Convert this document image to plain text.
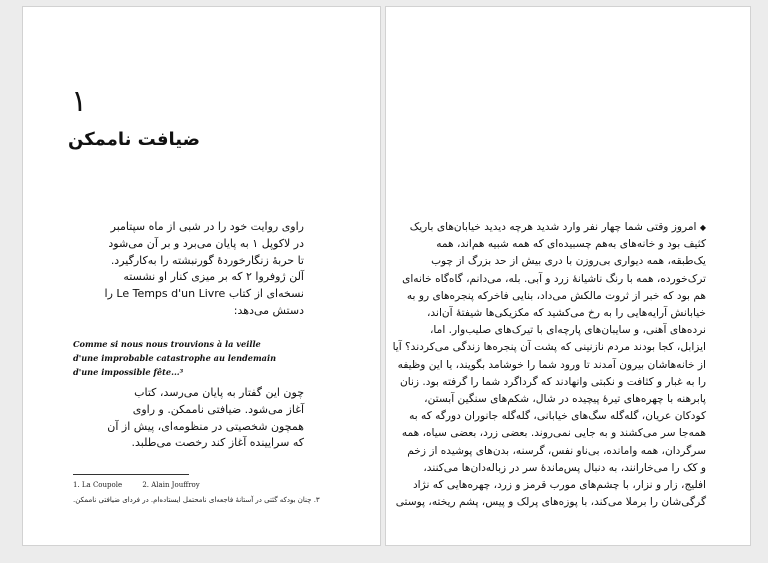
۱
ضیافت ناممکن
راوی روایت خود را در شبی از ماه سپتامبر
در لاکوپل ۱ به پایان می‌برد و بر آن می‌شود
تا حربهٔ زنگارخوردهٔ گورنبشته را به‌کارگیرد.
آلن ژوفروا ۲ که بر میزی کنار او نشسته
نسخه‌ای از کتاب Le Temps d'un Livre را
دستش می‌دهد:
Comme si nous nous trouvions à la veille
d'une improbable catastrophe au lendemain
d'une impossible fête...³
چون این گفتار به پایان می‌رسد، کتاب
آغاز می‌شود. ضیافتی ناممکن. و راوی
همچون شخصیتی در منظومه‌ای، پیش از آن
که سرایینده آغاز کند رخصت می‌طلبد.
1. La Coupole	2. Alain Jouffroy
۳. چنان بودکه گئتی در آستانهٔ فاجعه‌ای نامحتمل ایستاده‌ام. در فردای ضیافتی ناممکن.
◆ امروز وقتی شما چهار نفر وارد شدید هرچه دیدید خیابان‌های باریک
کثیف بود و خانه‌های به‌هم چسبیده‌ای که همه شبیه هم‌اند، همه
یک‌طبقه، همه دیواری بی‌روزن با دری بیش از حد بزرگ از چوب
ترک‌خورده، همه با رنگ ناشیانهٔ زرد و آبی. بله، می‌دانم، گاه‌گاه خانه‌ای
هم بود که خبر از ثروت مالکش می‌داد، بنایی فاخرکه پنجره‌های رو به
خیابانش آرایه‌هایی را به رخ می‌کشید که مکزیکی‌ها شیفته‌ٔ آن‌اند،
نرده‌های آهنی، و سایبان‌های پارچه‌ای با تیرک‌های صلیب‌وار. اما،
ایزابل، کجا بودند مردم نازنینی که پشت آن پنجره‌ها زندگی می‌کردند؟ آیا
از خانه‌هاشان بیرون آمدند تا ورود شما را خوشامد بگویند، یا این وظیفه
را به غبار و کثافت و نکبتی وانهادند که گرداگرد شما را گرفته بود. زنان
پابرهنه با چهره‌های تیرهٔ پیچیده در شال، شکم‌های سنگین آبستن،
کودکان عریان، گله‌گله سگ‌های خیابانی، گله‌گله جانوران دورگه که به
همه‌جا سر می‌کشند و به جایی نمی‌روند. بعضی زرد، بعضی سیاه، همه
سرگردان، همه وامانده، بی‌ناو نفس، گرسنه، بدن‌های پوشیده از زخم
و کک را می‌خارانند، به دنبال پس‌ماندهٔ سر در زباله‌دان‌ها می‌کنند،
افلیج، زار و نزار، با چشم‌های مورب قرمز و زرد، چهره‌هایی که نژاد
گرگی‌شان را برملا می‌کند، با پوزه‌های پرلک و پیس، پشم ریخته، پوستی
